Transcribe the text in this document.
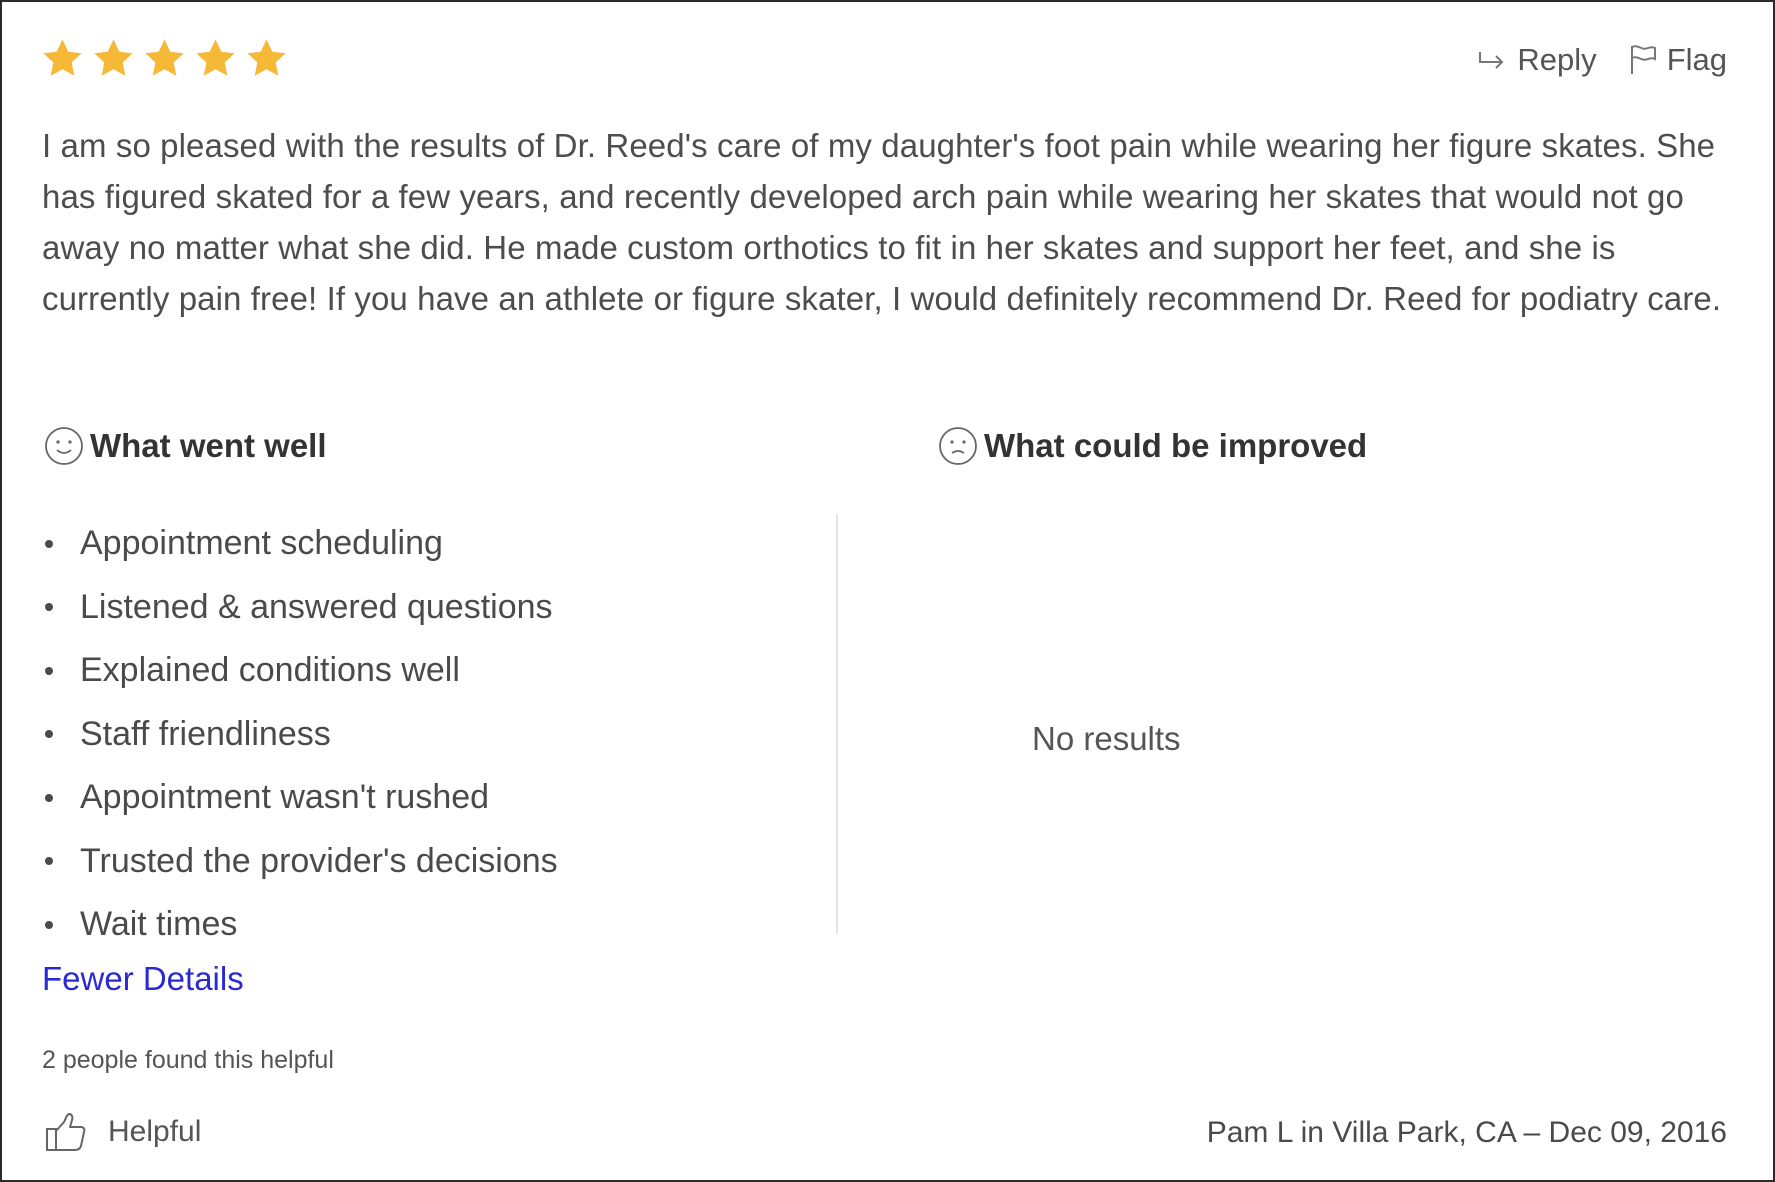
Reply Flag

I am so pleased with the results of Dr. Reed's care of my daughter's foot pain while wearing her figure skates. She has figured skated for a few years, and recently developed arch pain while wearing her skates that would not go away no matter what she did. He made custom orthotics to fit in her skates and support her feet, and she is currently pain free! If you have an athlete or figure skater, I would definitely recommend Dr. Reed for podiatry care.

What went well
Appointment scheduling
Listened & answered questions
Explained conditions well
Staff friendliness
Appointment wasn't rushed
Trusted the provider's decisions
Wait times
What could be improved
No results
Fewer Details
2 people found this helpful
Helpful	Pam L in Villa Park, CA – Dec 09, 2016
